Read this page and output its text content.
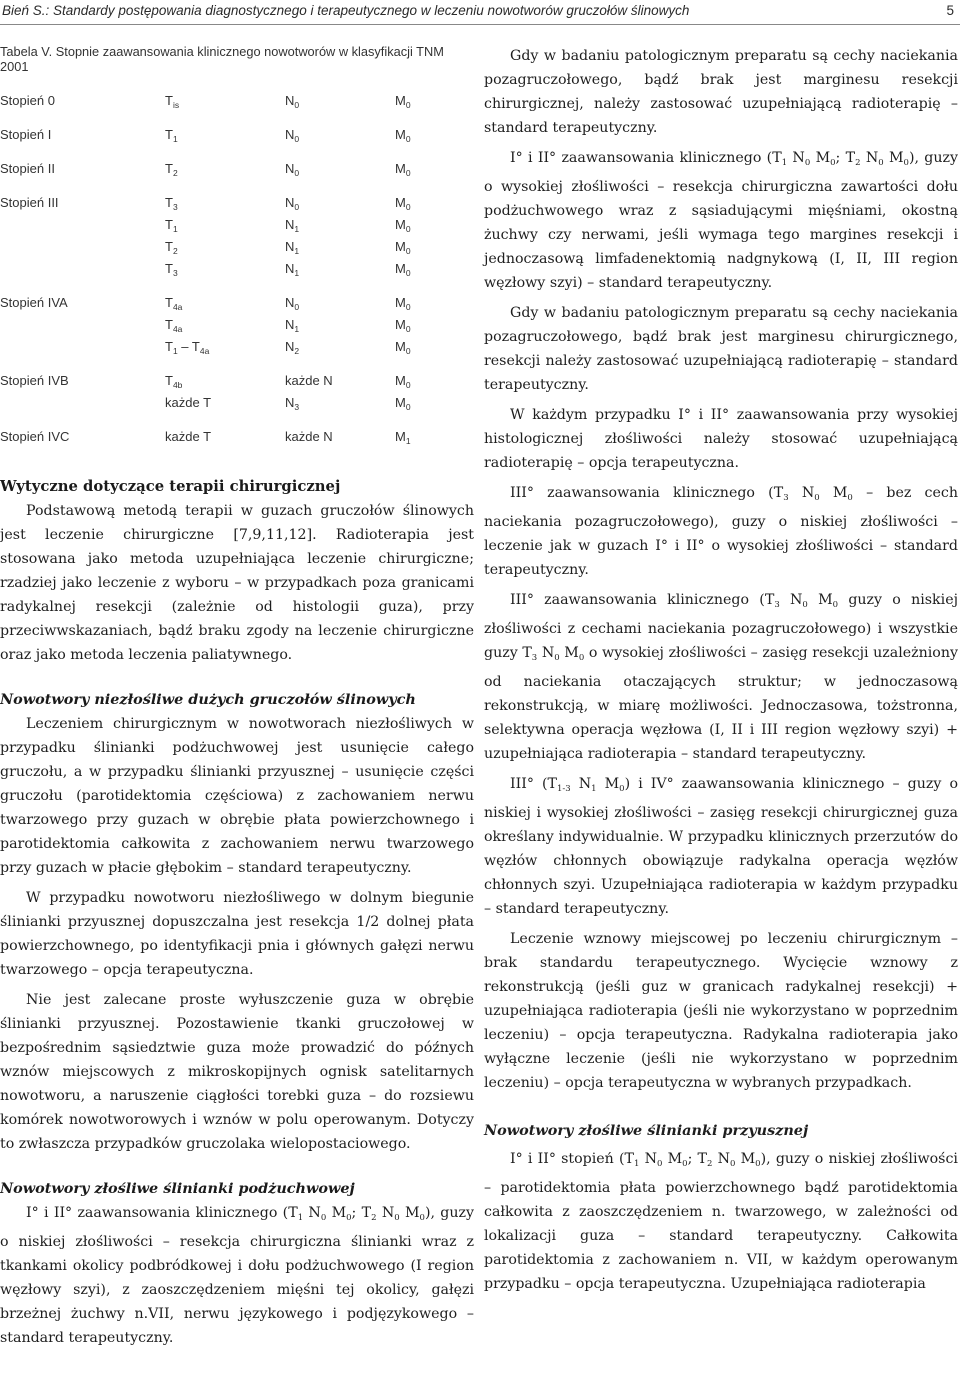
Bień S.: Standardy postępowania diagnostycznego i terapeutycznego w leczeniu nowotworów gruczołów ślinowych	5
Tabela V. Stopnie zaawansowania klinicznego nowotworów w klasyfikacji TNM 2001
Stopień 0	$T_{is}$	$N_0$	$M_0$

Stopień I	$T_1$	$N_0$	$M_0$

Stopień II	$T_2$	$N_0$	$M_0$

Stopień III	$T_3$	$N_0$	$M_0$
	$T_1$	$N_1$	$M_0$
	$T_2$	$N_1$	$M_0$
	$T_3$	$N_1$	$M_0$

Stopień IVA	$T_{4a}$	$N_0$	$M_0$
	$T_{4a}$	$N_1$	$M_0$
	$T_1 - T_{4a}$	$N_2$	$M_0$

Stopień IVB	$T_{4b}$	każde N	$M_0$
	każde T	$N_3$	$M_0$

Stopień IVC	każde T	każde N	$M_1$
Wytyczne dotyczące terapii chirurgicznej

Podstawową metodą terapii w guzach gruczołów ślinowych jest leczenie chirurgiczne [7,9,11,12]. Radioterapia jest stosowana jako metoda uzupełniająca leczenie chirurgiczne; rzadziej jako leczenie z wyboru – w przypadkach poza granicami radykalnej resekcji (zależnie od histologii guza), przy przeciwwskazaniach, bądź braku zgody na leczenie chirurgiczne oraz jako metoda leczenia paliatywnego.

Nowotwory niezłośliwe dużych gruczołów ślinowych

Leczeniem chirurgicznym w nowotworach niezłośliwych w przypadku ślinianki podżuchwowej jest usunięcie całego gruczołu, a w przypadku ślinianki przyusznej – usunięcie części gruczołu (parotidektomia częściowa) z zachowaniem nerwu twarzowego przy guzach w obrębie płata powierzchownego i parotidektomia całkowita z zachowaniem nerwu twarzowego przy guzach w płacie głębokim – standard terapeutyczny.

W przypadku nowotworu niezłośliwego w dolnym biegunie ślinianki przyusznej dopuszczalna jest resekcja 1/2 dolnej płata powierzchownego, po identyfikacji pnia i głównych gałęzi nerwu twarzowego – opcja terapeutyczna.

Nie jest zalecane proste wyłuszczenie guza w obrębie ślinianki przyusznej. Pozostawienie tkanki gruczołowej w bezpośrednim sąsiedztwie guza może prowadzić do późnych wznów miejscowych z mikroskopijnych ognisk satelitarnych nowotworu, a naruszenie ciągłości torebki guza – do rozsiewu komórek nowotworowych i wznów w polu operowanym. Dotyczy to zwłaszcza przypadków gruczolaka wielopostaciowego.

Nowotwory złośliwe ślinianki podżuchwowej

I° i II° zaawansowania klinicznego ($T_1$ $N_0$ $M_0$; $T_2$ $N_0$ $M_0$), guzy o niskiej złośliwości – resekcja chirurgiczna ślinianki wraz z tkankami okolicy podbródkowej i dołu podżuchwowego (I region węzłowy szyi), z zaoszczędzeniem mięśni tej okolicy, gałęzi brzeżnej żuchwy n.VII, nerwu językowego i podjęzykowego – standard terapeutyczny.

Gdy w badaniu patologicznym preparatu są cechy naciekania pozagruczołowego, bądź brak jest marginesu resekcji chirurgicznej, należy zastosować uzupełniającą radioterapię – standard terapeutyczny.

I° i II° zaawansowania klinicznego ($T_1$ $N_0$ $M_0$; $T_2$ $N_0$ $M_0$), guzy o wysokiej złośliwości – resekcja chirurgiczna zawartości dołu podżuchwowego wraz z sąsiadującymi mięśniami, okostną żuchwy czy nerwami, jeśli wymaga tego margines resekcji i jednoczasową limfadenektomią nadgnykową (I, II, III region węzłowy szyi) – standard terapeutyczny.

Gdy w badaniu patologicznym preparatu są cechy naciekania pozagruczołowego, bądź brak jest marginesu chirurgicznego, resekcji należy zastosować uzupełniającą radioterapię – standard terapeutyczny.

W każdym przypadku I° i II° zaawansowania przy wysokiej histologicznej złośliwości należy stosować uzupełniającą radioterapię – opcja terapeutyczna.

III° zaawansowania klinicznego ($T_3$ $N_0$ $M_0$ – bez cech naciekania pozagruczołowego), guzy o niskiej złośliwości – leczenie jak w guzach I° i II° o wysokiej złośliwości – standard terapeutyczny.

III° zaawansowania klinicznego ($T_3$ $N_0$ $M_0$ guzy o niskiej złośliwości z cechami naciekania pozagruczołowego) i wszystkie guzy $T_3$ $N_0$ $M_0$ o wysokiej złośliwości – zasięg resekcji uzależniony od naciekania otaczających struktur; w jednoczasową rekonstrukcją, w miarę możliwości. Jednoczasowa, tożstronna, selektywna operacja węzłowa (I, II i III region węzłowy szyi) + uzupełniająca radioterapia – standard terapeutyczny.

III° ($T_{1-3}$ $N_1$ $M_0$) i IV° zaawansowania klinicznego – guzy o niskiej i wysokiej złośliwości – zasięg resekcji chirurgicznej guza określany indywidualnie. W przypadku klinicznych przerzutów do węzłów chłonnych obowiązuje radykalna operacja węzłów chłonnych szyi. Uzupełniająca radioterapia w każdym przypadku – standard terapeutyczny.

Leczenie wznowy miejscowej po leczeniu chirurgicznym – brak standardu terapeutycznego. Wycięcie wznowy z rekonstrukcją (jeśli guz w granicach radykalnej resekcji) + uzupełniająca radioterapia (jeśli nie wykorzystano w poprzednim leczeniu) – opcja terapeutyczna. Radykalna radioterapia jako wyłączne leczenie (jeśli nie wykorzystano w poprzednim leczeniu) – opcja terapeutyczna w wybranych przypadkach.

Nowotwory złośliwe ślinianki przyusznej

I° i II° stopień ($T_1$ $N_0$ $M_0$; $T_2$ $N_0$ $M_0$), guzy o niskiej złośliwości – parotidektomia płata powierzchownego bądź parotidektomia całkowita z zaoszczędzeniem n. twarzowego, w zależności od lokalizacji guza – standard terapeutyczny. Całkowita parotidektomia z zachowaniem n. VII, w każdym operowanym przypadku – opcja terapeutyczna. Uzupełniająca radioterapia
